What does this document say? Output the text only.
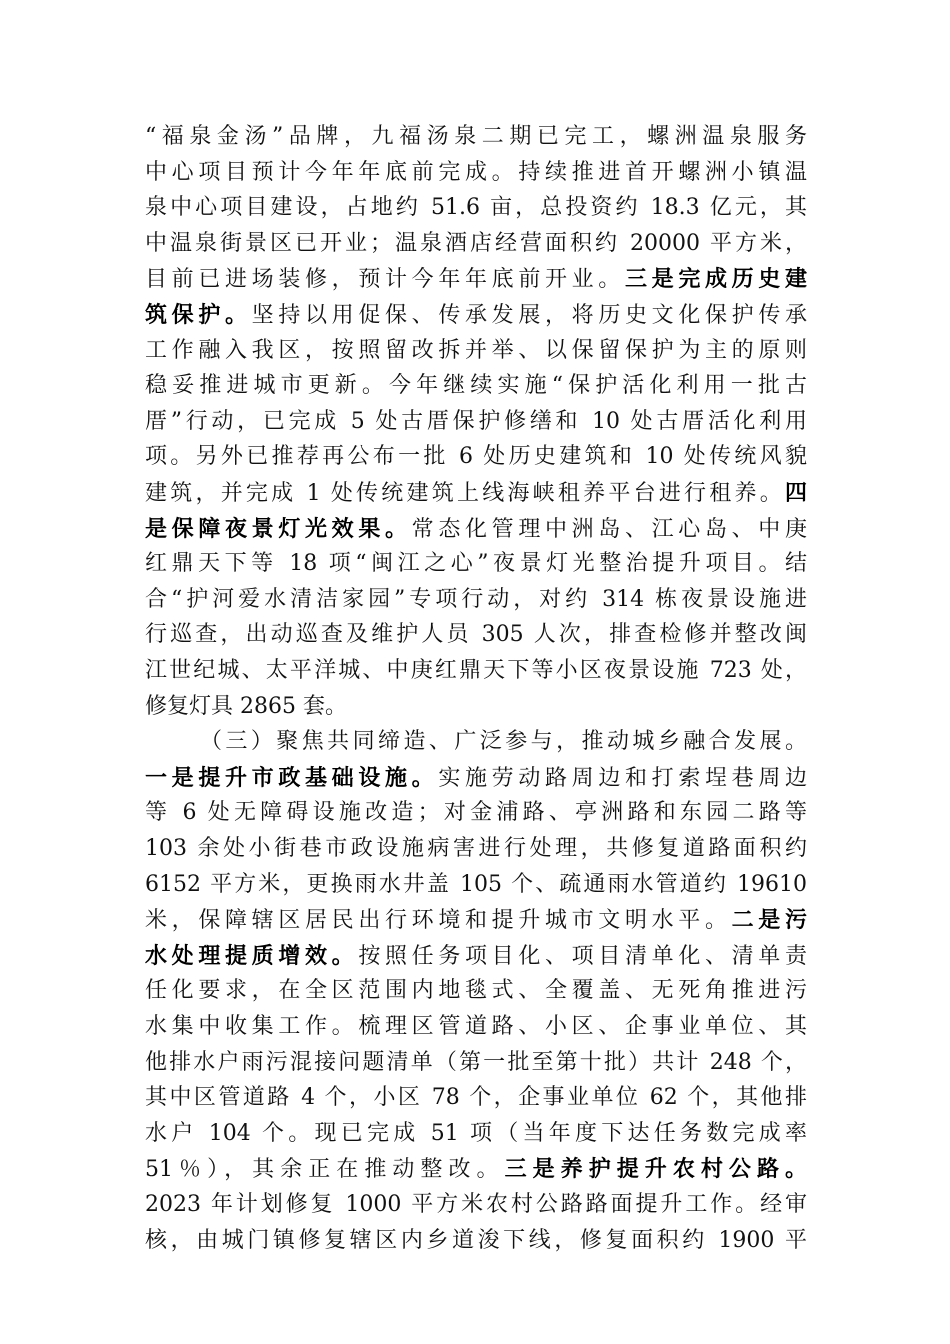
“福泉金汤”品牌，九福汤泉二期已完工，螺洲温泉服务
中心项目预计今年年底前完成。持续推进首开螺洲小镇温
泉中心项目建设，占地约 51.6 亩，总投资约 18.3 亿元，其
中温泉街景区已开业；温泉酒店经营面积约 20000 平方米，
目前已进场装修，预计今年年底前开业。三是完成历史建
筑保护。坚持以用促保、传承发展，将历史文化保护传承
工作融入我区，按照留改拆并举、以保留保护为主的原则
稳妥推进城市更新。今年继续实施“保护活化利用一批古
厝”行动，已完成 5 处古厝保护修缮和 10 处古厝活化利用
项。另外已推荐再公布一批 6 处历史建筑和 10 处传统风貌
建筑，并完成 1 处传统建筑上线海峡租养平台进行租养。四
是保障夜景灯光效果。常态化管理中洲岛、江心岛、中庚
红鼎天下等 18 项“闽江之心”夜景灯光整治提升项目。结
合“护河爱水清洁家园”专项行动，对约 314 栋夜景设施进
行巡查，出动巡查及维护人员 305 人次，排查检修并整改闽
江世纪城、太平洋城、中庚红鼎天下等小区夜景设施 723 处，
修复灯具 2865 套。
（三）聚焦共同缔造、广泛参与，推动城乡融合发展。
一是提升市政基础设施。实施劳动路周边和打索埕巷周边
等 6 处无障碍设施改造；对金浦路、亭洲路和东园二路等
103 余处小街巷市政设施病害进行处理，共修复道路面积约
6152 平方米，更换雨水井盖 105 个、疏通雨水管道约 19610
米，保障辖区居民出行环境和提升城市文明水平。二是污
水处理提质增效。按照任务项目化、项目清单化、清单责
任化要求，在全区范围内地毯式、全覆盖、无死角推进污
水集中收集工作。梳理区管道路、小区、企事业单位、其
他排水户雨污混接问题清单（第一批至第十批）共计 248 个，
其中区管道路 4 个，小区 78 个，企事业单位 62 个，其他排
水户 104 个。现已完成 51 项（当年度下达任务数完成率
51％），其余正在推动整改。三是养护提升农村公路。
2023 年计划修复 1000 平方米农村公路路面提升工作。经审
核，由城门镇修复辖区内乡道浚下线，修复面积约 1900 平
